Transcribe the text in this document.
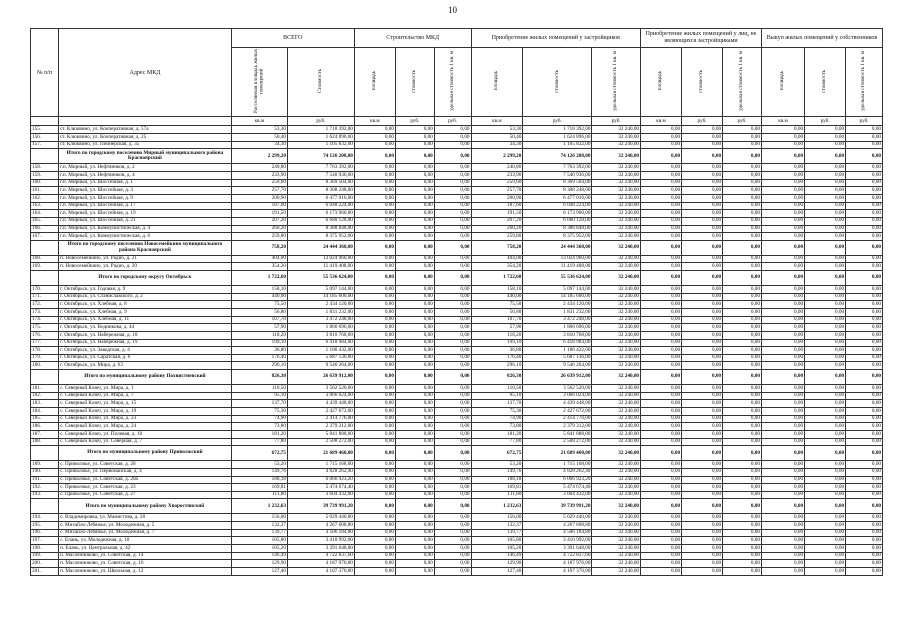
10
№ п/п	Адрес МКД	ВСЕГО		Строительство МКД			Приобретение жилых помещений у застройщиков			Приобретение жилых помещений у лиц, не являющихся застройщиками			Выкуп жилых помещений у собственников		
		Расселяемая площадь жилых помещений	Стоимость	площадь	стоимость	удельная стоимость 1 кв. м	площадь	стоимость	удельная стоимость 1 кв. м	площадь	стоимость	удельная стоимость 1 кв. м	площадь	стоимость	удельная стоимость 1 кв. м
		кв.м	руб.	кв.м	руб.	руб.	кв.м	руб.	руб.	кв.м	руб.	руб.	кв.м	руб.	руб.
155.	ст. Клюквино, ул. Кооперативная, д. 57а	53,30	1 718 392,00	0,00	0,00	0,00	53,30	1 718 392,00	32 240,00	0,00	0,00	0,00	0,00	0,00	0,00
156.	ст. Клюквино, ул. Кооперативная, д. 25	50,40	1 624 896,00	0,00	0,00	0,00	50,40	1 624 896,00	32 240,00	0,00	0,00	0,00	0,00	0,00	0,00
157.	ст. Клюквино, ул. Пионерская, д. 35	34,30	1 105 832,00	0,00	0,00	0,00	34,30	1 105 832,00	32 240,00	0,00	0,00	0,00	0,00	0,00	0,00
	Итого по городскому поселению Мирный муниципального района Красноярский	2 299,20	74 126 208,00	0,00	0,00	0,00	2 299,20	74 126 208,00	32 240,00	0,00	0,00	0,00	0,00	0,00	0,00
158.	г.п. Мирный, ул. Нефтяников, д. 2	240,80	7 763 392,00	0,00	0,00	0,00	240,80	7 763 392,00	32 240,00	0,00	0,00	0,00	0,00	0,00	0,00
159.	г.п. Мирный, ул. Нефтяников, д. 4	233,90	7 540 936,00	0,00	0,00	0,00	233,90	7 540 936,00	32 240,00	0,00	0,00	0,00	0,00	0,00	0,00
160.	г.п. Мирный, ул. Шоссейная, д. 1	259,60	8 369 504,00	0,00	0,00	0,00	259,60	8 369 504,00	32 240,00	0,00	0,00	0,00	0,00	0,00	0,00
161.	г.п. Мирный, ул. Шоссейная, д. 3	257,70	8 308 248,00	0,00	0,00	0,00	257,70	8 308 248,00	32 240,00	0,00	0,00	0,00	0,00	0,00	0,00
162.	г.п. Мирный, ул. Шоссейная, д. 9	200,90	6 477 016,00	0,00	0,00	0,00	200,90	6 477 016,00	32 240,00	0,00	0,00	0,00	0,00	0,00	0,00
163.	г.п. Мирный, ул. Шоссейная, д. 17	187,60	6 048 224,00	0,00	0,00	0,00	187,60	6 048 224,00	32 240,00	0,00	0,00	0,00	0,00	0,00	0,00
164.	г.п. Мирный, ул. Шоссейная, д. 19	191,50	6 173 960,00	0,00	0,00	0,00	191,50	6 173 960,00	32 240,00	0,00	0,00	0,00	0,00	0,00	0,00
165.	г.п. Мирный, ул. Шоссейная, д. 21	207,20	6 680 128,00	0,00	0,00	0,00	207,20	6 680 128,00	32 240,00	0,00	0,00	0,00	0,00	0,00	0,00
166.	г.п. Мирный, ул. Коммунистическая, д. 4	260,20	8 388 848,00	0,00	0,00	0,00	260,20	8 388 848,00	32 240,00	0,00	0,00	0,00	0,00	0,00	0,00
167.	г.п. Мирный, ул. Коммунистическая, д. 6	259,80	8 375 952,00	0,00	0,00	0,00	259,80	8 375 952,00	32 240,00	0,00	0,00	0,00	0,00	0,00	0,00
	Итого по городскому поселению Новосемейкино муниципального района Красноярский	758,20	24 444 368,00	0,00	0,00	0,00	758,20	24 444 368,00	32 240,00	0,00	0,00	0,00	0,00	0,00	0,00
168.	п. Новосемейкино, ул. Радио, д. 21	404,00	13 024 960,00	0,00	0,00	0,00	404,00	13 024 960,00	32 240,00	0,00	0,00	0,00	0,00	0,00	0,00
169.	п. Новосемейкино, ул. Радио, д. 20	354,20	11 419 408,00	0,00	0,00	0,00	354,20	11 419 408,00	32 240,00	0,00	0,00	0,00	0,00	0,00	0,00
	Итого по городскому округу Октябрьск	1 722,60	55 536 624,00	0,00	0,00	0,00	1 722,60	55 536 624,00	32 240,00	0,00	0,00	0,00	0,00	0,00	0,00
170.	г. Октябрьск, ул. Годовая, д. 9	158,10	5 097 144,00	0,00	0,00	0,00	158,10	5 097 144,00	32 240,00	0,00	0,00	0,00	0,00	0,00	0,00
171.	г. Октябрьск, ул. Станиславского, д. 2	440,00	14 185 600,00	0,00	0,00	0,00	440,00	14 185 600,00	32 240,00	0,00	0,00	0,00	0,00	0,00	0,00
172.	г. Октябрьск, ул. Хлебная, д. 8	75,50	2 434 120,00	0,00	0,00	0,00	75,50	2 434 120,00	32 240,00	0,00	0,00	0,00	0,00	0,00	0,00
173.	г. Октябрьск, ул. Хлебная, д. 9	56,80	1 831 232,00	0,00	0,00	0,00	56,80	1 831 232,00	32 240,00	0,00	0,00	0,00	0,00	0,00	0,00
174.	г. Октябрьск, ул. Хлебная, д. 11	107,70	3 472 248,00	0,00	0,00	0,00	107,70	3 472 248,00	32 240,00	0,00	0,00	0,00	0,00	0,00	0,00
175.	г. Октябрьск, ул. Водникова, д. 44	57,90	1 866 696,00	0,00	0,00	0,00	57,90	1 866 696,00	32 240,00	0,00	0,00	0,00	0,00	0,00	0,00
176.	г. Октябрьск, ул. Набережная, д. 18	118,20	3 810 768,00	0,00	0,00	0,00	118,20	3 810 768,00	32 240,00	0,00	0,00	0,00	0,00	0,00	0,00
177.	г. Октябрьск, ул. Набережная, д. 19	199,10	6 418 984,00	0,00	0,00	0,00	199,10	6 418 984,00	32 240,00	0,00	0,00	0,00	0,00	0,00	0,00
178.	г. Октябрьск, ул. Заводская, д. 4	36,80	1 186 432,00	0,00	0,00	0,00	36,80	1 186 432,00	32 240,00	0,00	0,00	0,00	0,00	0,00	0,00
179.	г. Октябрьск, ул. Саратская, д. 6	176,40	5 687 136,00	0,00	0,00	0,00	176,40	5 687 136,00	32 240,00	0,00	0,00	0,00	0,00	0,00	0,00
180.	г. Октябрьск, ул. Мира, д. 63	296,10	9 546 264,00	0,00	0,00	0,00	296,10	9 546 264,00	32 240,00	0,00	0,00	0,00	0,00	0,00	0,00
	Итого по муниципальному району Похвистневский	826,30	26 639 912,00	0,00	0,00	0,00	826,30	26 639 912,00	32 240,00	0,00	0,00	0,00	0,00	0,00	0,00
181.	с. Северный Ключ, ул. Мира, д. 1	110,50	3 562 520,00	0,00	0,00	0,00	110,50	3 562 520,00	32 240,00	0,00	0,00	0,00	0,00	0,00	0,00
182.	с. Северный Ключ, ул. Мира, д. 7	95,10	3 066 024,00	0,00	0,00	0,00	95,10	3 066 024,00	32 240,00	0,00	0,00	0,00	0,00	0,00	0,00
183.	с. Северный Ключ, ул. Мира, д. 15	137,70	4 439 448,00	0,00	0,00	0,00	137,70	4 439 448,00	32 240,00	0,00	0,00	0,00	0,00	0,00	0,00
184.	с. Северный Ключ, ул. Мира, д. 19	75,30	2 427 672,00	0,00	0,00	0,00	75,30	2 427 672,00	32 240,00	0,00	0,00	0,00	0,00	0,00	0,00
185.	с. Северный Ключ, ул. Мира, д. 23	74,90	2 414 776,00	0,00	0,00	0,00	74,90	2 414 776,00	32 240,00	0,00	0,00	0,00	0,00	0,00	0,00
186.	с. Северный Ключ, ул. Мира, д. 24	73,80	2 379 312,00	0,00	0,00	0,00	73,80	2 379 312,00	32 240,00	0,00	0,00	0,00	0,00	0,00	0,00
187.	с. Северный Ключ, ул. Полевая, д. 10	181,20	5 841 888,00	0,00	0,00	0,00	181,20	5 841 888,00	32 240,00	0,00	0,00	0,00	0,00	0,00	0,00
188.	с. Северный Ключ, ул. Северная, д. 7	77,80	2 508 272,00	0,00	0,00	0,00	77,80	2 508 272,00	32 240,00	0,00	0,00	0,00	0,00	0,00	0,00
	Итого по муниципальному району Приволжский	672,75	21 689 460,00	0,00	0,00	0,00	672,75	21 689 460,00	32 240,00	0,00	0,00	0,00	0,00	0,00	0,00
189.	с. Приволжье, ул. Советская, д. 28	53,20	1 715 168,00	0,00	0,00	0,00	53,20	1 715 168,00	32 240,00	0,00	0,00	0,00	0,00	0,00	0,00
190.	с. Приволжье, ул. Первомайская, д. 4	149,76	4 828 262,40	0,00	0,00	0,00	149,76	4 828 262,40	32 240,00	0,00	0,00	0,00	0,00	0,00	0,00
191.	с. Приволжье, ул. Советская, д. 20а	188,18	6 066 923,20	0,00	0,00	0,00	188,18	6 066 923,20	32 240,00	0,00	0,00	0,00	0,00	0,00	0,00
192.	с. Приволжье, ул. Советская, д. 23	169,81	5 474 674,40	0,00	0,00	0,00	169,81	5 474 674,40	32 240,00	0,00	0,00	0,00	0,00	0,00	0,00
193.	с. Приволжье, ул. Советская, д. 27	111,80	3 604 432,00	0,00	0,00	0,00	111,80	3 604 432,00	32 240,00	0,00	0,00	0,00	0,00	0,00	0,00
	Итого по муниципальному району Хворостянский	1 232,63	39 739 991,20	0,00	0,00	0,00	1 232,63	39 739 991,20	32 240,00	0,00	0,00	0,00	0,00	0,00	0,00
194.	с. Владимировка, ул. Мамистова, д. 28	156,00	5 029 440,00	0,00	0,00	0,00	156,00	5 029 440,00	32 240,00	0,00	0,00	0,00	0,00	0,00	0,00
195.	с. Михайло-Лебяжье, ул. Молодежная, д. 5	132,37	4 267 608,80	0,00	0,00	0,00	132,37	4 267 608,80	32 240,00	0,00	0,00	0,00	0,00	0,00	0,00
196.	с. Михайло-Лебяжье, ул. Молодежная, д. 7	139,77	4 506 184,80	0,00	0,00	0,00	139,77	4 506 184,80	32 240,00	0,00	0,00	0,00	0,00	0,00	0,00
197.	с. Елань, ул. Молодежная, д. 10	105,80	3 410 992,00	0,00	0,00	0,00	105,80	3 410 992,00	32 240,00	0,00	0,00	0,00	0,00	0,00	0,00
198.	п. Елань, ул. Центральная, д. 42	105,20	3 391 648,00	0,00	0,00	0,00	105,20	3 391 648,00	32 240,00	0,00	0,00	0,00	0,00	0,00	0,00
199.	п. Масленниково, ул. Советская, д. 14	146,49	4 722 837,60	0,00	0,00	0,00	146,49	4 722 837,60	32 240,00	0,00	0,00	0,00	0,00	0,00	0,00
200.	п. Масленниково, ул. Советская, д. 16	129,90	4 187 976,00	0,00	0,00	0,00	129,90	4 187 976,00	32 240,00	0,00	0,00	0,00	0,00	0,00	0,00
201.	п. Масленниково, ул. Школьная, д. 12	127,40	4 107 376,00	0,00	0,00	0,00	127,40	4 107 376,00	32 240,00	0,00	0,00	0,00	0,00	0,00	0,00
